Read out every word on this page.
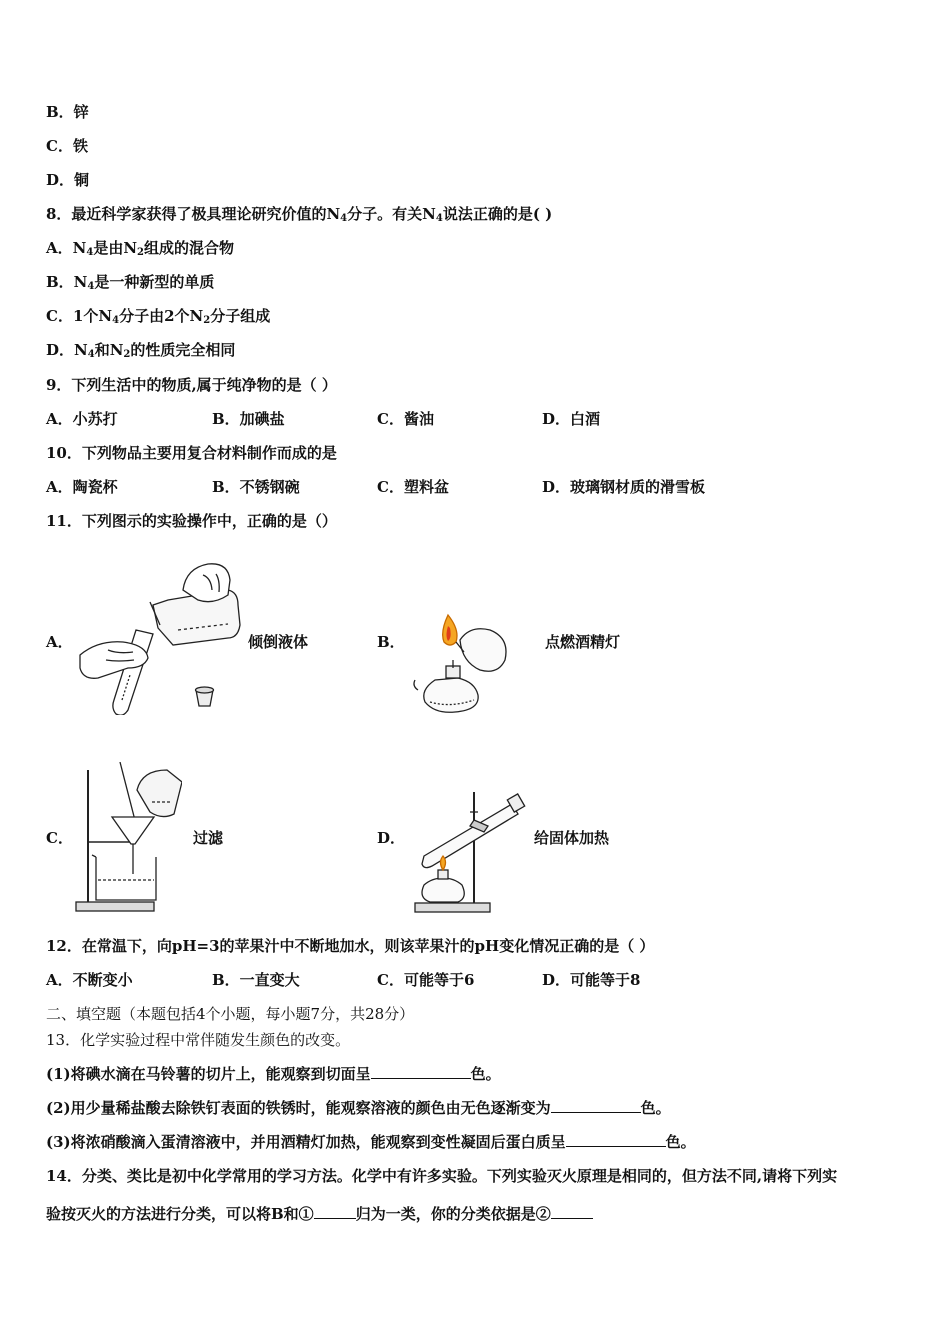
B．锌
C．铁
D．铜
8．最近科学家获得了极具理论研究价值的$N_4$分子。有关$N_4$说法正确的是( )
A．$N_4$是由$N_2$组成的混合物
B．$N_4$是一种新型的单质
C．1个$N_4$分子由2个$N_2$分子组成
D．$N_4$和$N_2$的性质完全相同
9．下列生活中的物质,属于纯净物的是（ ）
A．小苏打	B．加碘盐	C．酱油	D．白酒
10．下列物品主要用复合材料制作而成的是
A．陶瓷杯	B．不锈钢碗	C．塑料盆	D．玻璃钢材质的滑雪板
11．下列图示的实验操作中，正确的是（）
A．	倾倒液体	B．	点燃酒精灯
C．	过滤	D．	给固体加热
12．在常温下，向pH=3的苹果汁中不断地加水，则该苹果汁的pH变化情况正确的是（ ）
A．不断变小	B．一直变大	C．可能等于6	D．可能等于8
二、填空题（本题包括4个小题，每小题7分，共28分）
13．化学实验过程中常伴随发生颜色的改变。
(1)将碘水滴在马铃薯的切片上，能观察到切面呈	色。
(2)用少量稀盐酸去除铁钉表面的铁锈时，能观察溶液的颜色由无色逐渐变为	色。
(3)将浓硝酸滴入蛋清溶液中，并用酒精灯加热，能观察到变性凝固后蛋白质呈	色。
14．分类、类比是初中化学常用的学习方法。化学中有许多实验。下列实验灭火原理是相同的，但方法不同,请将下列实
验按灭火的方法进行分类，可以将B和①	归为一类，你的分类依据是②
